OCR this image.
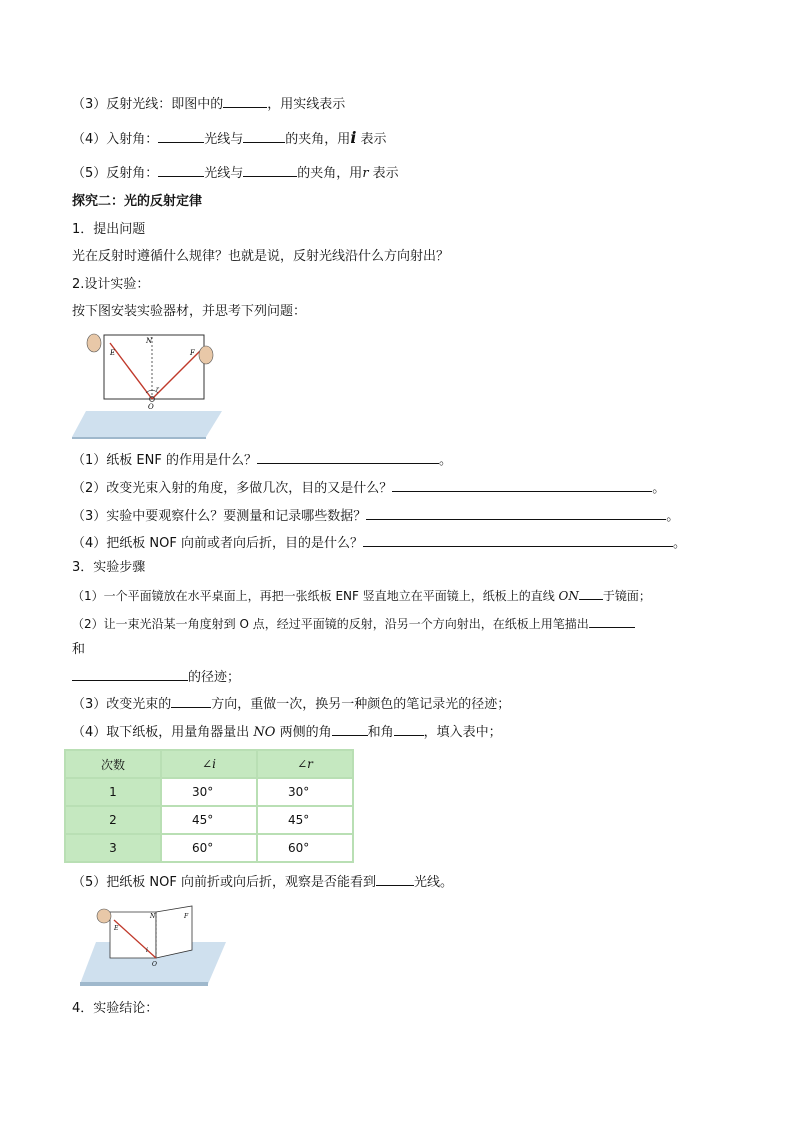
（3）反射光线：即图中的	，用实线表示
（4）入射角：	光线与	的夹角，用i 表示
（5）反射角：	光线与	的夹角，用r 表示
探究二：光的反射定律
1．提出问题
光在反射时遵循什么规律？也就是说，反射光线沿什么方向射出？
2.设计实验：
按下图安装实验器材，并思考下列问题：
E
N
F
r
O
（1）纸板 ENF 的作用是什么？	。
（2）改变光束入射的角度，多做几次，目的又是什么？	。
（3）实验中要观察什么？要测量和记录哪些数据？	。
（4）把纸板 NOF 向前或者向后折，目的是什么？	。
3．实验步骤
（1）一个平面镜放在水平桌面上，再把一张纸板 ENF 竖直地立在平面镜上，纸板上的直线 ON 于镜面；
（2）让一束光沿某一角度射到 O 点，经过平面镜的反射，沿另一个方向射出，在纸板上用笔描出
和
的径迹；
（3）改变光束的	方向，重做一次，换另一种颜色的笔记录光的径迹；
（4）取下纸板，用量角器量出 NO 两侧的角	和角 ，填入表中；
次数	∠i	∠r
1	30°	30°
2	45°	45°
3	60°	60°
（5）把纸板 NOF 向前折或向后折，观察是否能看到	光线。
E
N	F
i
O
4．实验结论：
